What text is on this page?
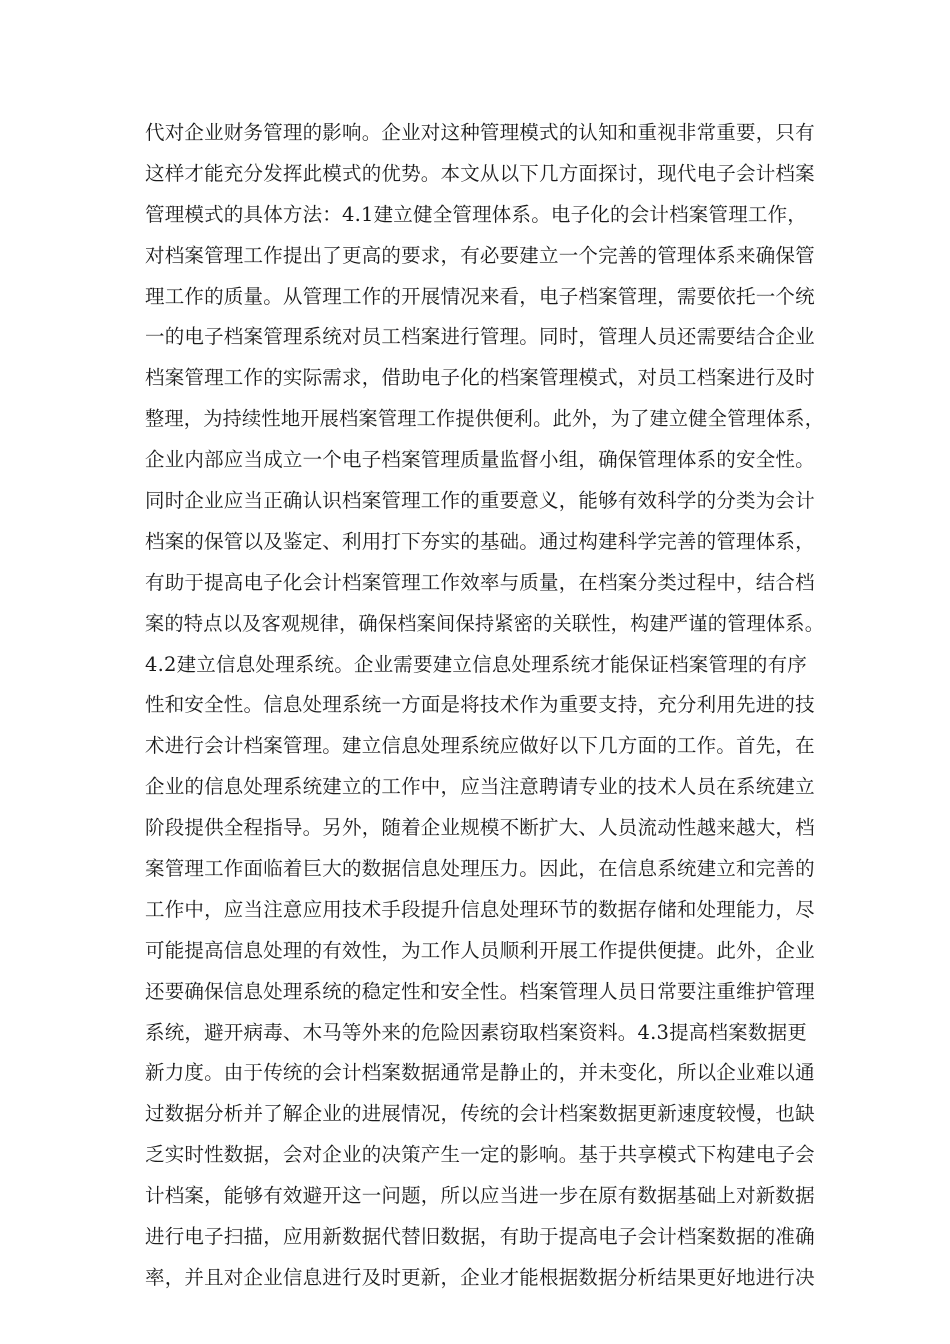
代对企业财务管理的影响。企业对这种管理模式的认知和重视非常重要，只有
这样才能充分发挥此模式的优势。本文从以下几方面探讨，现代电子会计档案
管理模式的具体方法：4.1建立健全管理体系。电子化的会计档案管理工作，
对档案管理工作提出了更高的要求，有必要建立一个完善的管理体系来确保管
理工作的质量。从管理工作的开展情况来看，电子档案管理，需要依托一个统
一的电子档案管理系统对员工档案进行管理。同时，管理人员还需要结合企业
档案管理工作的实际需求，借助电子化的档案管理模式，对员工档案进行及时
整理，为持续性地开展档案管理工作提供便利。此外，为了建立健全管理体系，
企业内部应当成立一个电子档案管理质量监督小组，确保管理体系的安全性。
同时企业应当正确认识档案管理工作的重要意义，能够有效科学的分类为会计
档案的保管以及鉴定、利用打下夯实的基础。通过构建科学完善的管理体系，
有助于提高电子化会计档案管理工作效率与质量，在档案分类过程中，结合档
案的特点以及客观规律，确保档案间保持紧密的关联性，构建严谨的管理体系。
4.2建立信息处理系统。企业需要建立信息处理系统才能保证档案管理的有序
性和安全性。信息处理系统一方面是将技术作为重要支持，充分利用先进的技
术进行会计档案管理。建立信息处理系统应做好以下几方面的工作。首先，在
企业的信息处理系统建立的工作中，应当注意聘请专业的技术人员在系统建立
阶段提供全程指导。另外，随着企业规模不断扩大、人员流动性越来越大，档
案管理工作面临着巨大的数据信息处理压力。因此，在信息系统建立和完善的
工作中，应当注意应用技术手段提升信息处理环节的数据存储和处理能力，尽
可能提高信息处理的有效性，为工作人员顺利开展工作提供便捷。此外，企业
还要确保信息处理系统的稳定性和安全性。档案管理人员日常要注重维护管理
系统，避开病毒、木马等外来的危险因素窃取档案资料。4.3提高档案数据更
新力度。由于传统的会计档案数据通常是静止的，并未变化，所以企业难以通
过数据分析并了解企业的进展情况，传统的会计档案数据更新速度较慢，也缺
乏实时性数据，会对企业的决策产生一定的影响。基于共享模式下构建电子会
计档案，能够有效避开这一问题，所以应当进一步在原有数据基础上对新数据
进行电子扫描，应用新数据代替旧数据，有助于提高电子会计档案数据的准确
率，并且对企业信息进行及时更新，企业才能根据数据分析结果更好地进行决
